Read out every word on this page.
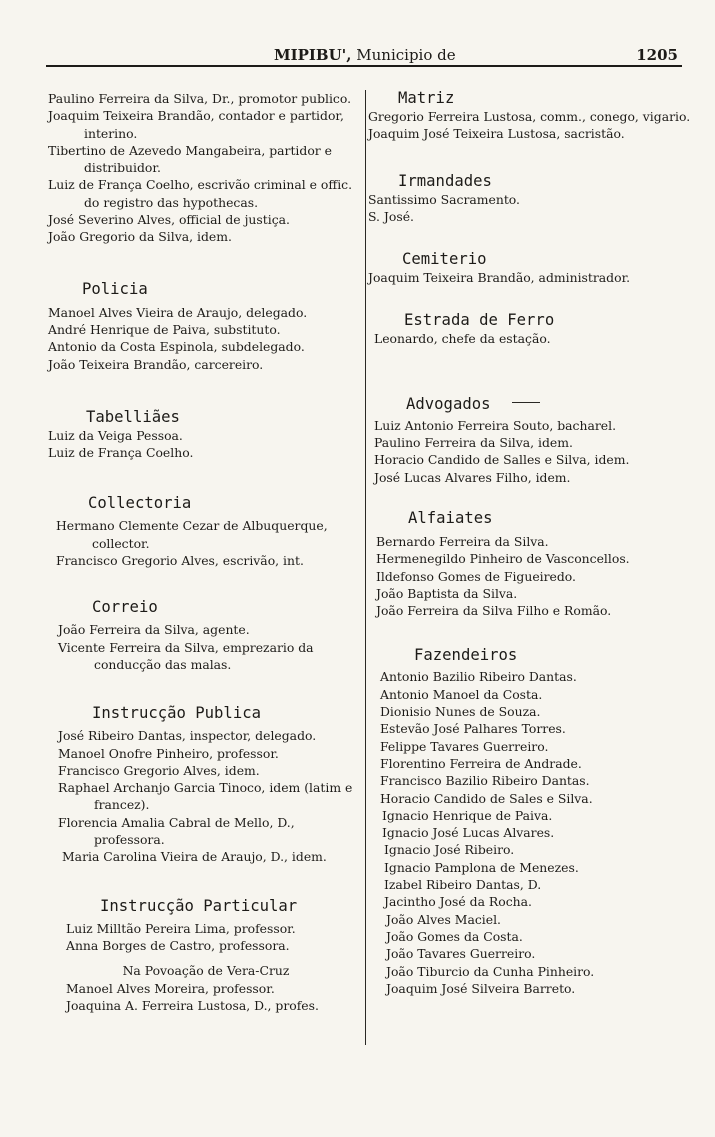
MIPIBU', Municipio de	1205
Paulino Ferreira da Silva, Dr., promotor publico.
Joaquim Teixeira Brandão, contador e partidor, interino.
Tibertino de Azevedo Mangabeira, partidor e distribuidor.
Luiz de França Coelho, escrivão criminal e offic. do registro das hypothecas.
José Severino Alves, official de justiça.
João Gregorio da Silva, idem.
Policia
Manoel Alves Vieira de Araujo, delegado.
André Henrique de Paiva, substituto.
Antonio da Costa Espinola, subdelegado.
João Teixeira Brandão, carcereiro.
Tabelliães
Luiz da Veiga Pessoa.
Luiz de França Coelho.
Collectoria
Hermano Clemente Cezar de Albuquerque, collector.
Francisco Gregorio Alves, escrivão, int.
Correio
João Ferreira da Silva, agente.
Vicente Ferreira da Silva, emprezario da conducção das malas.
Instrucção Publica
José Ribeiro Dantas, inspector, delegado.
Manoel Onofre Pinheiro, professor.
Francisco Gregorio Alves, idem.
Raphael Archanjo Garcia Tinoco, idem (latim e francez).
Florencia Amalia Cabral de Mello, D., professora.
Maria Carolina Vieira de Araujo, D., idem.
Instrucção Particular
Luiz Milltão Pereira Lima, professor.
Anna Borges de Castro, professora.
Na Povoação de Vera-Cruz
Manoel Alves Moreira, professor.
Joaquina A. Ferreira Lustosa, D., profes.
Matriz
Gregorio Ferreira Lustosa, comm., conego, vigario.
Joaquim José Teixeira Lustosa, sacristão.
Irmandades
Santissimo Sacramento.
S. José.
Cemiterio
Joaquim Teixeira Brandão, administrador.
Estrada de Ferro
Leonardo, chefe da estação.
Advogados
Luiz Antonio Ferreira Souto, bacharel.
Paulino Ferreira da Silva, idem.
Horacio Candido de Salles e Silva, idem.
José Lucas Alvares Filho, idem.
Alfaiates
Bernardo Ferreira da Silva.
Hermenegildo Pinheiro de Vasconcellos.
Ildefonso Gomes de Figueiredo.
João Baptista da Silva.
João Ferreira da Silva Filho e Romão.
Fazendeiros
Antonio Bazilio Ribeiro Dantas.
Antonio Manoel da Costa.
Dionisio Nunes de Souza.
Estevão José Palhares Torres.
Felippe Tavares Guerreiro.
Florentino Ferreira de Andrade.
Francisco Bazilio Ribeiro Dantas.
Horacio Candido de Sales e Silva.
Ignacio Henrique de Paiva.
Ignacio José Lucas Alvares.
Ignacio José Ribeiro.
Ignacio Pamplona de Menezes.
Izabel Ribeiro Dantas, D.
Jacintho José da Rocha.
João Alves Maciel.
João Gomes da Costa.
João Tavares Guerreiro.
João Tiburcio da Cunha Pinheiro.
Joaquim José Silveira Barreto.
